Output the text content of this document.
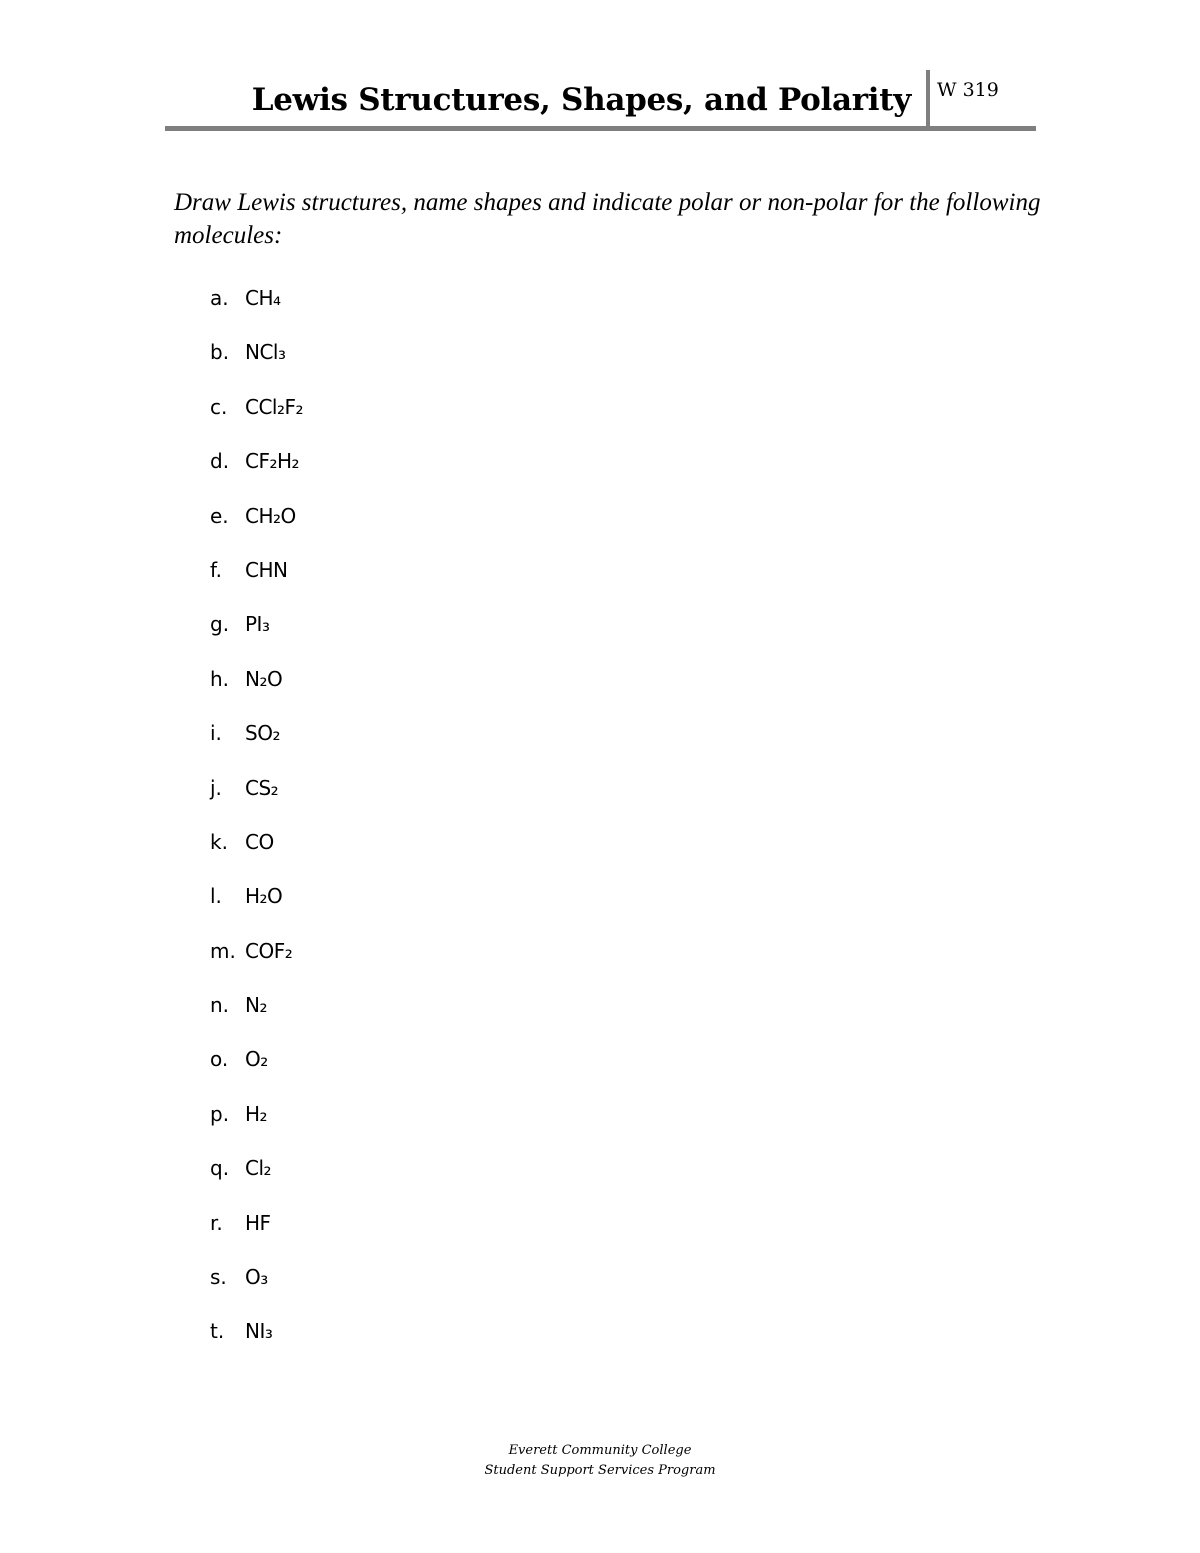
Lewis Structures, Shapes, and Polarity W 319
Draw Lewis structures, name shapes and indicate polar or non-polar for the following molecules:
a. CH₄
b. NCl₃
c. CCl₂F₂
d. CF₂H₂
e. CH₂O
f. CHN
g. PI₃
h. N₂O
i. SO₂
j. CS₂
k. CO
l. H₂O
m. COF₂
n. N₂
o. O₂
p. H₂
q. Cl₂
r. HF
s. O₃
t. NI₃
Everett Community College
Student Support Services Program
